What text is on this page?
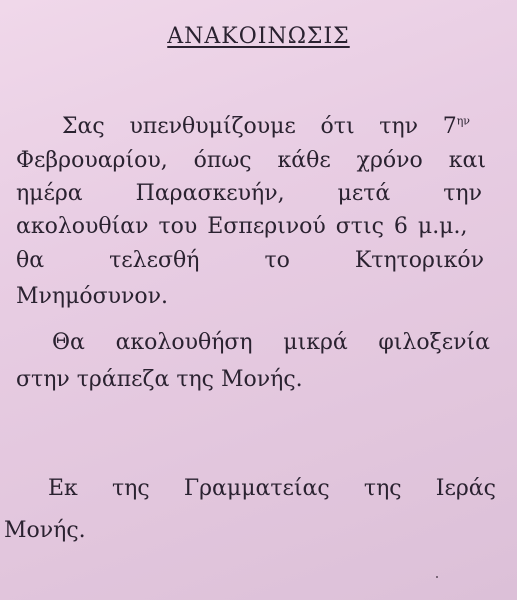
ΑΝΑΚΟΙΝΩΣΙΣ
Σας υπενθυμίζουμε ότι την $7^{\eta\nu}$
Φεβρουαρίου, όπως κάθε χρόνο και
ημέρα Παρασκευήν, μετά την
ακολουθίαν του Εσπερινού στις 6 μ.μ.,
θα	τελεσθή	το	Κτητορικόν
Μνημόσυνον.
Θα ακολουθήση μικρά φιλοξενία
στην τράπεζα της Μονής.
Εκ της Γραμματείας της Ιεράς
Μονής.
